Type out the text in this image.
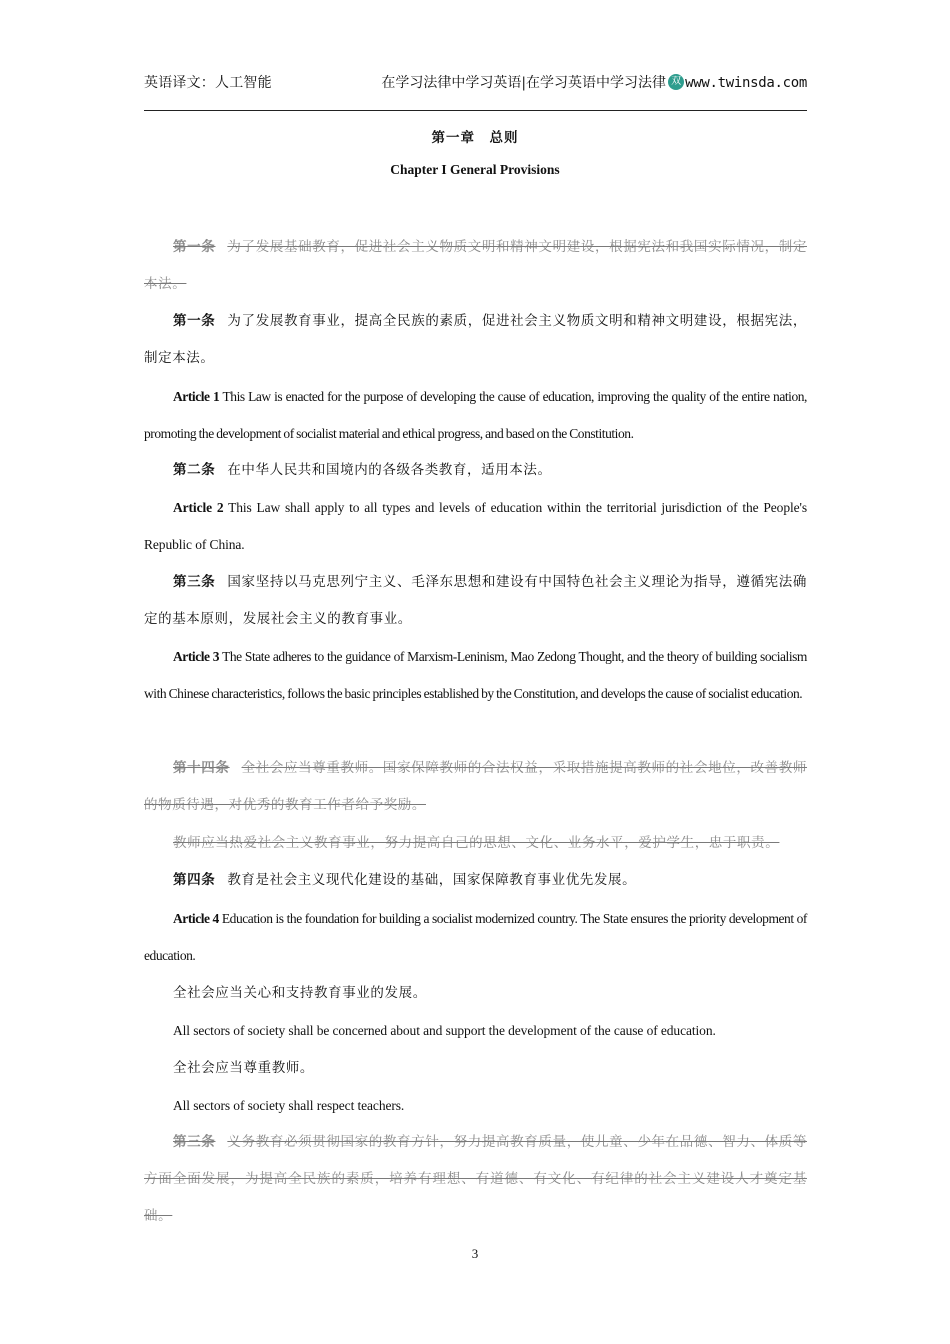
英语译文：人工智能	在学习法律中学习英语|在学习英语中学习法律 双 www.twinsda.com
第一章　总则
Chapter I General Provisions

第一条 为了发展基础教育，促进社会主义物质文明和精神文明建设，根据宪法和我国实际情况，制定本法。

第一条 为了发展教育事业，提高全民族的素质，促进社会主义物质文明和精神文明建设，根据宪法，制定本法。

Article 1 This Law is enacted for the purpose of developing the cause of education, improving the quality of the entire nation, promoting the development of socialist material and ethical progress, and based on the Constitution.

第二条 在中华人民共和国境内的各级各类教育，适用本法。

Article 2 This Law shall apply to all types and levels of education within the territorial jurisdiction of the People's Republic of China.

第三条 国家坚持以马克思列宁主义、毛泽东思想和建设有中国特色社会主义理论为指导，遵循宪法确定的基本原则，发展社会主义的教育事业。

Article 3 The State adheres to the guidance of Marxism-Leninism, Mao Zedong Thought, and the theory of building socialism with Chinese characteristics, follows the basic principles established by the Constitution, and develops the cause of socialist education.

第十四条 全社会应当尊重教师。国家保障教师的合法权益，采取措施提高教师的社会地位，改善教师的物质待遇，对优秀的教育工作者给予奖励。

教师应当热爱社会主义教育事业，努力提高自己的思想、文化、业务水平，爱护学生，忠于职责。

第四条 教育是社会主义现代化建设的基础，国家保障教育事业优先发展。

Article 4 Education is the foundation for building a socialist modernized country. The State ensures the priority development of education.

全社会应当关心和支持教育事业的发展。

All sectors of society shall be concerned about and support the development of the cause of education.

全社会应当尊重教师。

All sectors of society shall respect teachers.

第三条 义务教育必须贯彻国家的教育方针，努力提高教育质量，使儿童、少年在品德、智力、体质等方面全面发展，为提高全民族的素质，培养有理想、有道德、有文化、有纪律的社会主义建设人才奠定基础。

3
